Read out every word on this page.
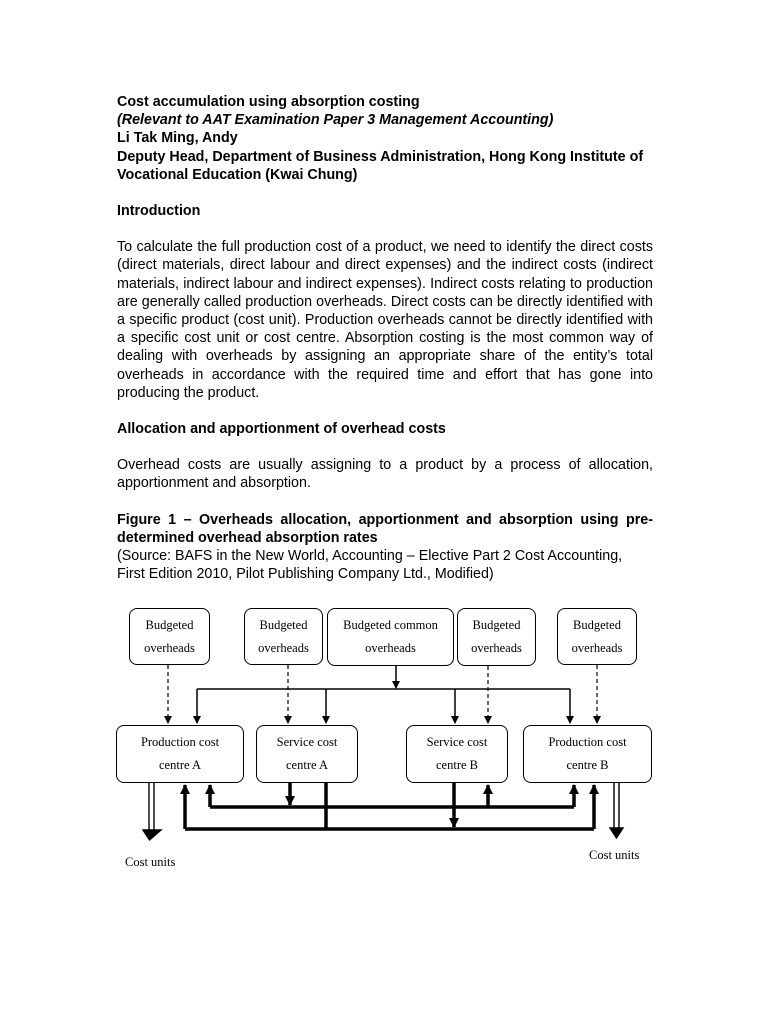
Cost accumulation using absorption costing
(Relevant to AAT Examination Paper 3 Management Accounting)
Li Tak Ming, Andy
Deputy Head, Department of Business Administration, Hong Kong Institute of Vocational Education (Kwai Chung)
Introduction
To calculate the full production cost of a product, we need to identify the direct costs (direct materials, direct labour and direct expenses) and the indirect costs (indirect materials, indirect labour and indirect expenses). Indirect costs relating to production are generally called production overheads. Direct costs can be directly identified with a specific product (cost unit). Production overheads cannot be directly identified with a specific cost unit or cost centre. Absorption costing is the most common way of dealing with overheads by assigning an appropriate share of the entity’s total overheads in accordance with the required time and effort that has gone into producing the product.
Allocation and apportionment of overhead costs
Overhead costs are usually assigning to a product by a process of allocation, apportionment and absorption.
Figure 1 – Overheads allocation, apportionment and absorption using pre-determined overhead absorption rates
(Source: BAFS in the New World, Accounting – Elective Part 2 Cost Accounting, First Edition 2010, Pilot Publishing Company Ltd., Modified)
Budgeted
overheads
Budgeted
overheads
Budgeted common
overheads
Budgeted
overheads
Budgeted
overheads
Production cost
centre A
Service cost
centre A
Service cost
centre B
Production cost
centre B
Cost units	Cost units
